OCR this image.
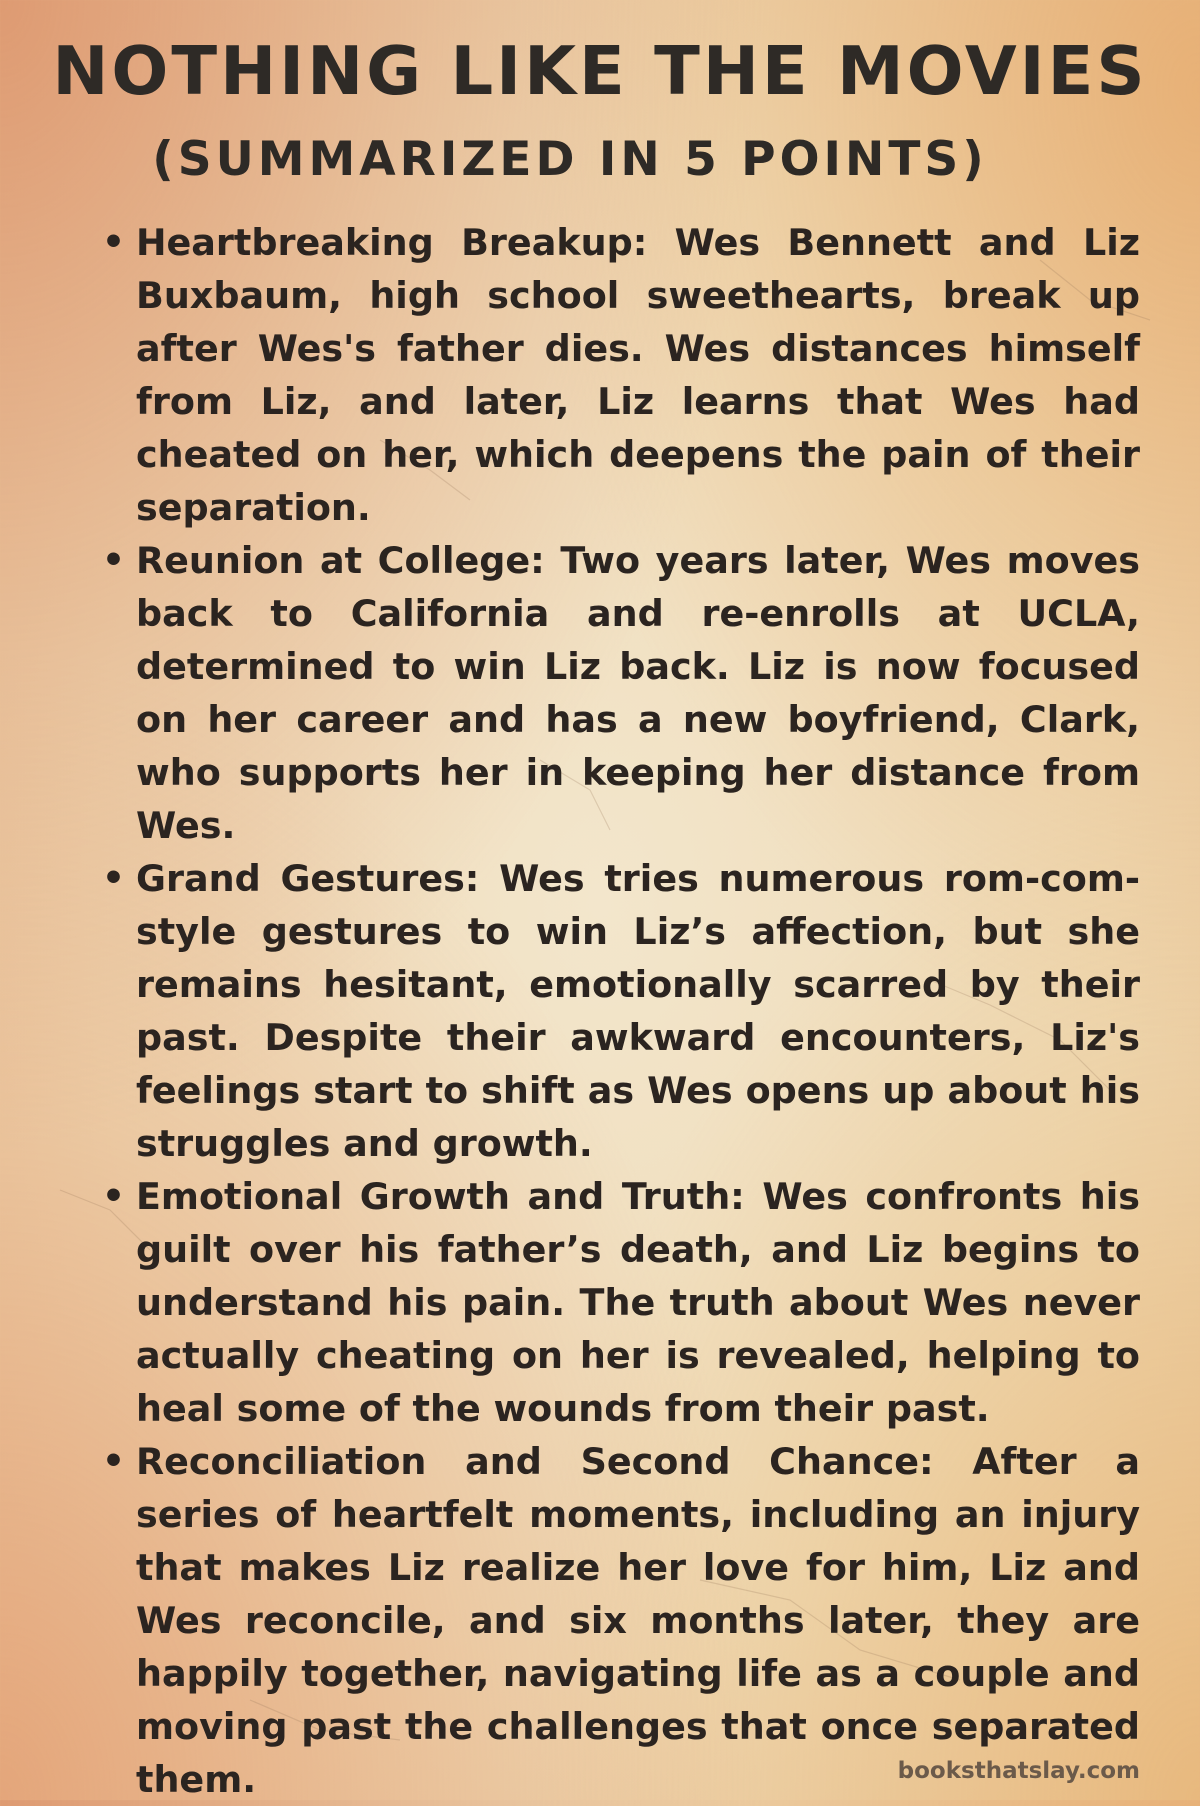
NOTHING LIKE THE MOVIES
(SUMMARIZED IN 5 POINTS)
• Heartbreaking Breakup: Wes Bennett and Liz Buxbaum, high school sweethearts, break up after Wes's father dies. Wes distances himself from Liz, and later, Liz learns that Wes had cheated on her, which deepens the pain of their separation.
• Reunion at College: Two years later, Wes moves back to California and re-enrolls at UCLA, determined to win Liz back. Liz is now focused on her career and has a new boyfriend, Clark, who supports her in keeping her distance from Wes.
• Grand Gestures: Wes tries numerous rom-com-style gestures to win Liz’s affection, but she remains hesitant, emotionally scarred by their past. Despite their awkward encounters, Liz's feelings start to shift as Wes opens up about his struggles and growth.
• Emotional Growth and Truth: Wes confronts his guilt over his father’s death, and Liz begins to understand his pain. The truth about Wes never actually cheating on her is revealed, helping to heal some of the wounds from their past.
• Reconciliation and Second Chance: After a series of heartfelt moments, including an injury that makes Liz realize her love for him, Liz and Wes reconcile, and six months later, they are happily together, navigating life as a couple and moving past the challenges that once separated them.	booksthatslay.com
